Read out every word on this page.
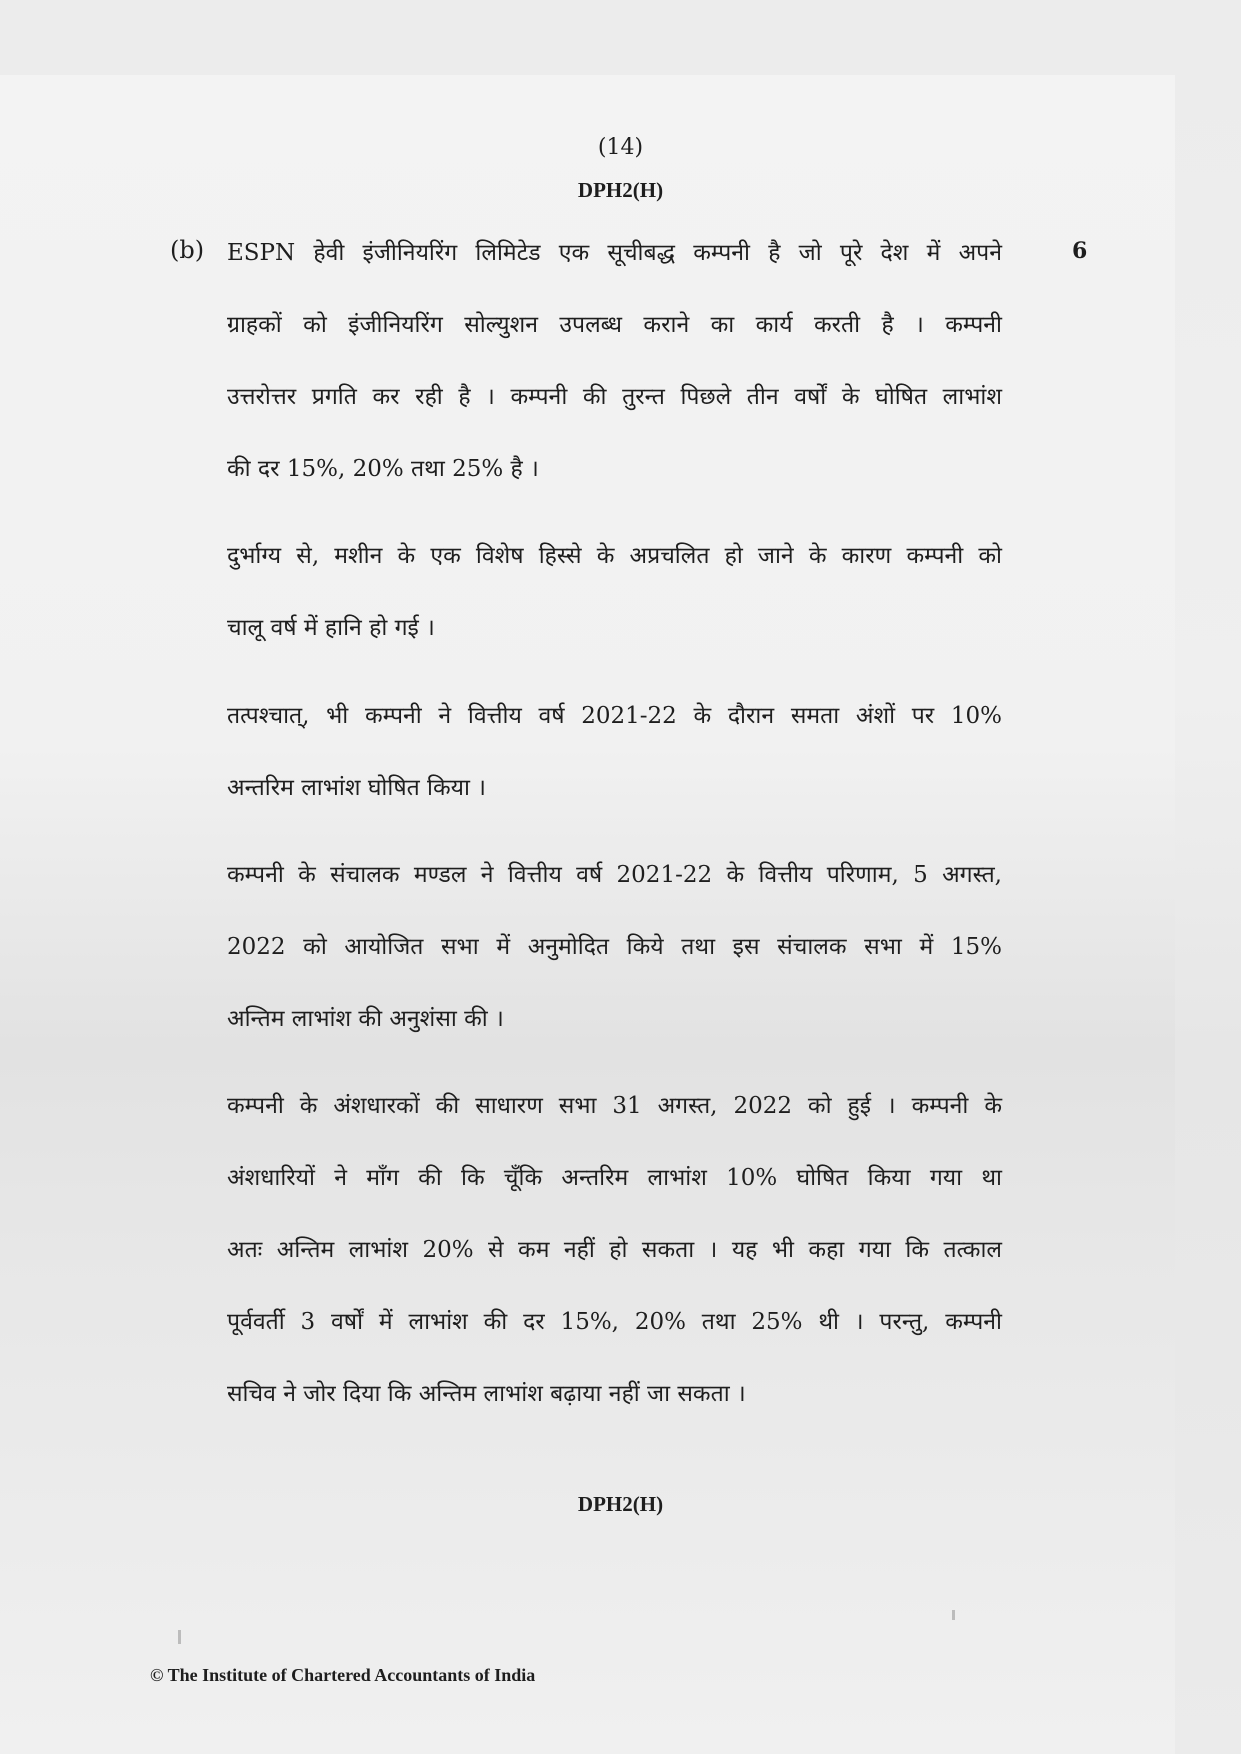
(14)
DPH2(H)
(b)	6
ESPN हेवी इंजीनियरिंग लिमिटेड एक सूचीबद्ध कम्पनी है जो पूरे देश में अपने
ग्राहकों को इंजीनियरिंग सोल्युशन उपलब्ध कराने का कार्य करती है । कम्पनी
उत्तरोत्तर प्रगति कर रही है । कम्पनी की तुरन्त पिछले तीन वर्षों के घोषित लाभांश
की दर 15%, 20% तथा 25% है ।
दुर्भाग्य से, मशीन के एक विशेष हिस्से के अप्रचलित हो जाने के कारण कम्पनी को
चालू वर्ष में हानि हो गई ।
तत्पश्चात्, भी कम्पनी ने वित्तीय वर्ष 2021-22 के दौरान समता अंशों पर 10%
अन्तरिम लाभांश घोषित किया ।
कम्पनी के संचालक मण्डल ने वित्तीय वर्ष 2021-22 के वित्तीय परिणाम, 5 अगस्त,
2022 को आयोजित सभा में अनुमोदित किये तथा इस संचालक सभा में 15%
अन्तिम लाभांश की अनुशंसा की ।
कम्पनी के अंशधारकों की साधारण सभा 31 अगस्त, 2022 को हुई । कम्पनी के
अंशधारियों ने माँग की कि चूँकि अन्तरिम लाभांश 10% घोषित किया गया था
अतः अन्तिम लाभांश 20% से कम नहीं हो सकता । यह भी कहा गया कि तत्काल
पूर्ववर्ती 3 वर्षों में लाभांश की दर 15%, 20% तथा 25% थी । परन्तु, कम्पनी
सचिव ने जोर दिया कि अन्तिम लाभांश बढ़ाया नहीं जा सकता ।
DPH2(H)
© The Institute of Chartered Accountants of India
